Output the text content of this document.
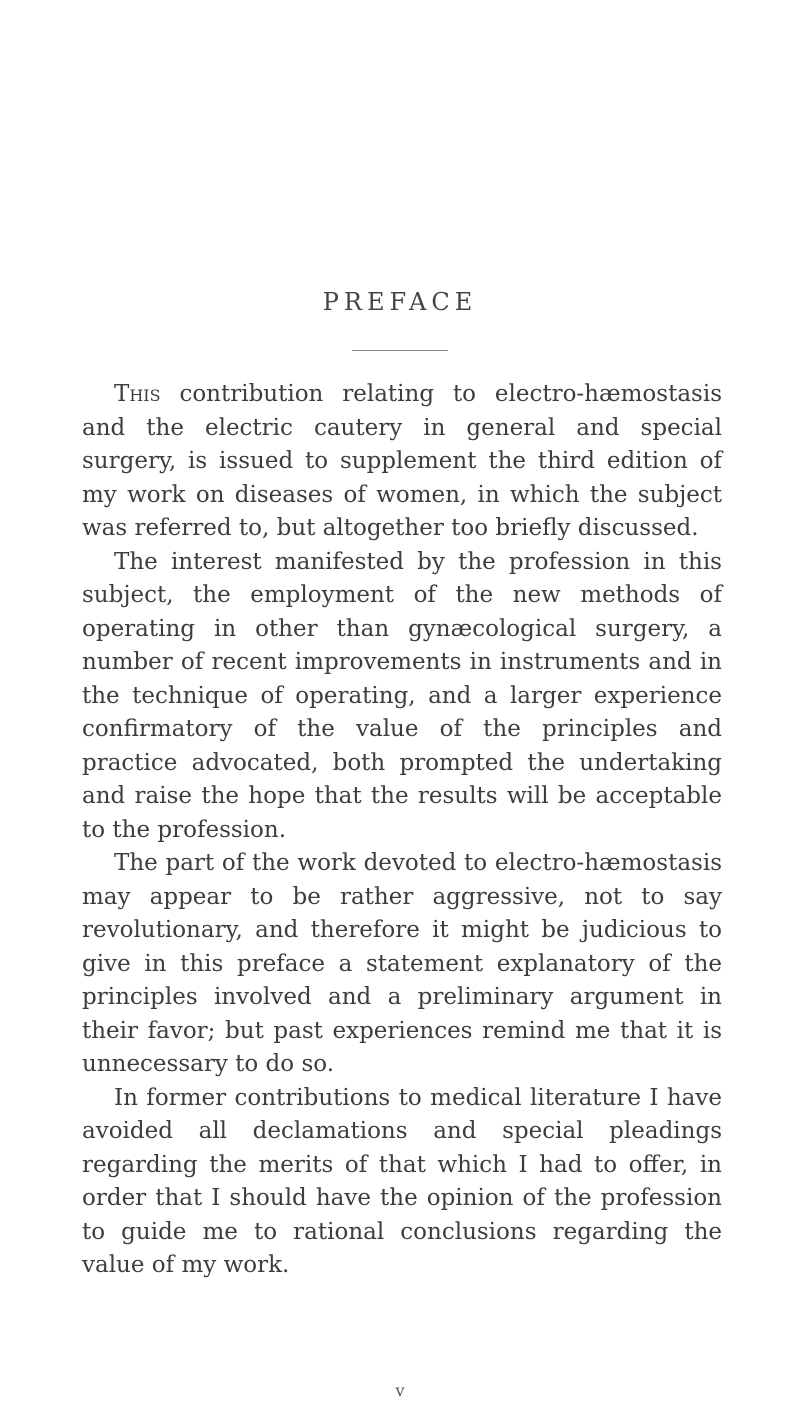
PREFACE

This contribution relating to electro-hæmostasis and the electric cautery in general and special surgery, is issued to supplement the third edition of my work on diseases of women, in which the subject was referred to, but altogether too briefly discussed.

The interest manifested by the profession in this subject, the employment of the new methods of operating in other than gynæcological surgery, a number of recent improvements in instruments and in the technique of operating, and a larger experience confirmatory of the value of the principles and practice advocated, both prompted the undertaking and raise the hope that the results will be acceptable to the profession.

The part of the work devoted to electro-hæmostasis may appear to be rather aggressive, not to say revolutionary, and therefore it might be judicious to give in this preface a statement explanatory of the principles involved and a preliminary argument in their favor; but past experiences remind me that it is unnecessary to do so.

In former contributions to medical literature I have avoided all declamations and special pleadings regarding the merits of that which I had to offer, in order that I should have the opinion of the profession to guide me to rational conclusions regarding the value of my work.

v
